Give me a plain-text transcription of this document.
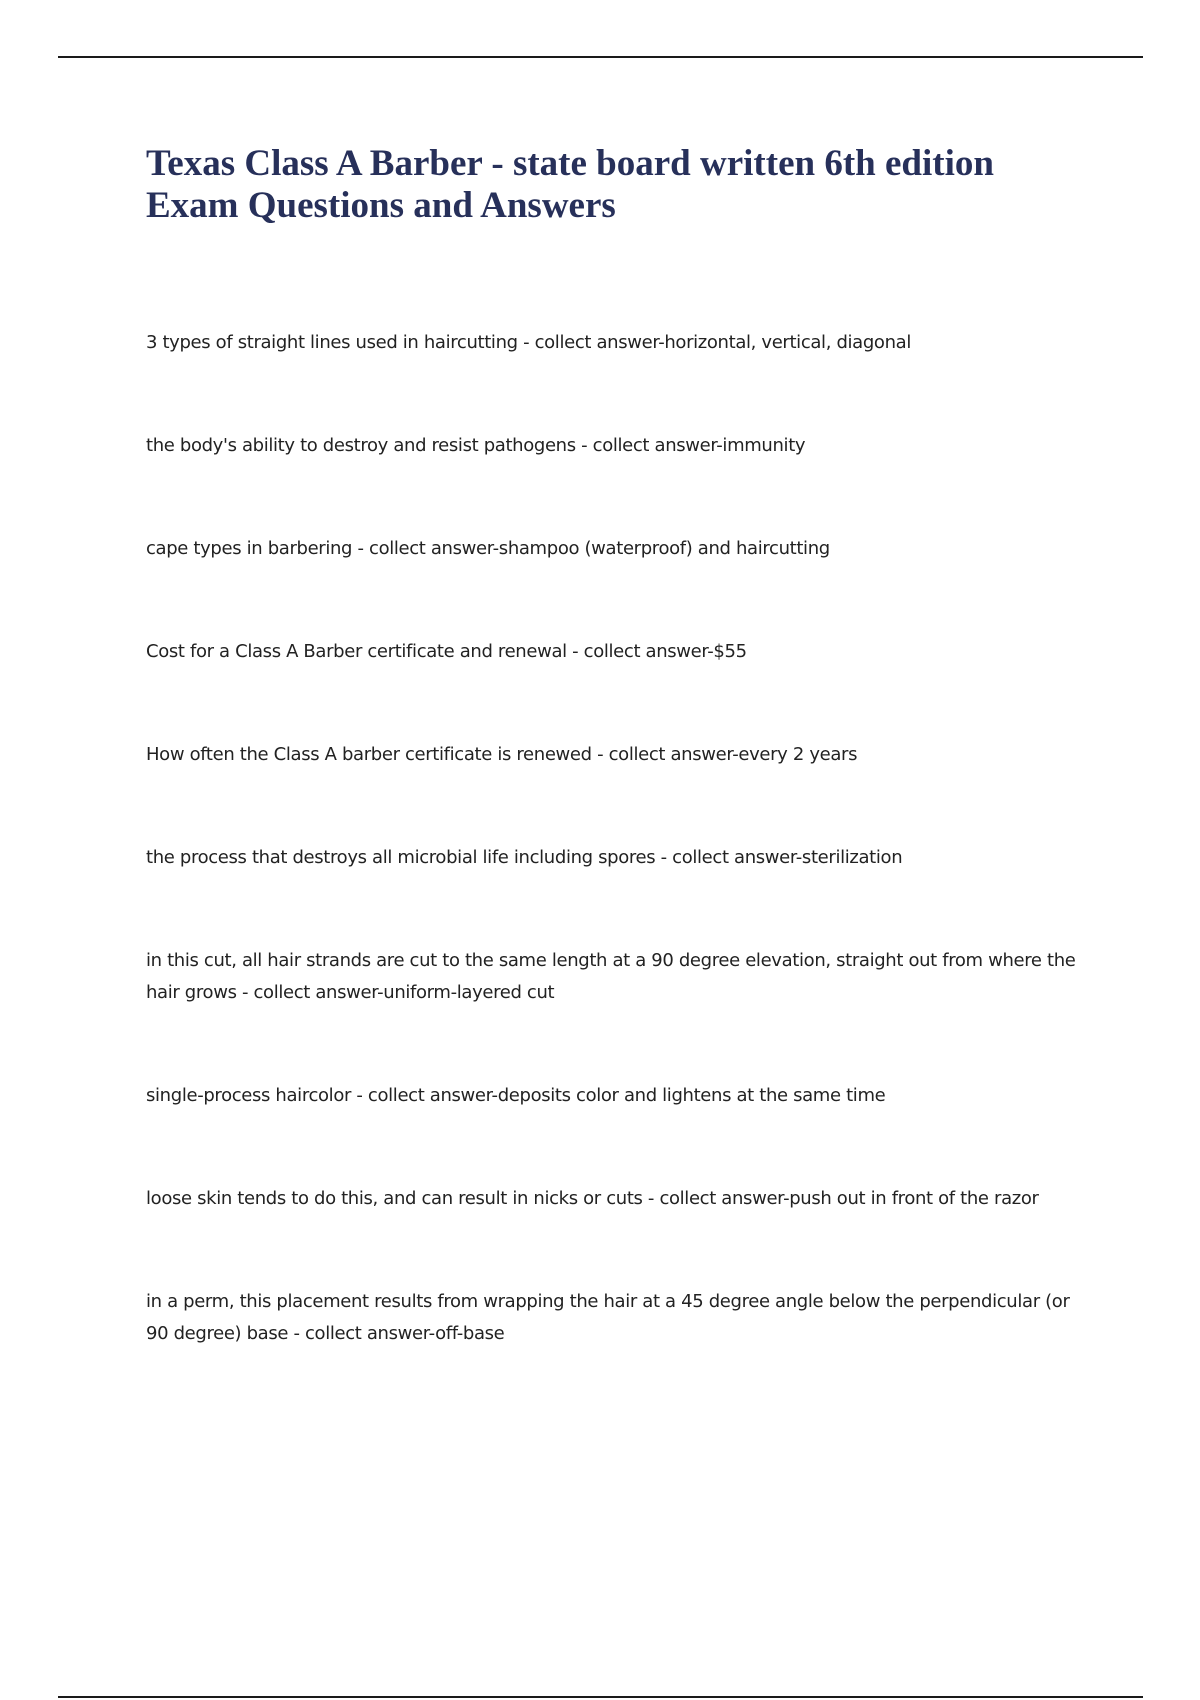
Texas Class A Barber - state board written 6th edition
Exam Questions and Answers

3 types of straight lines used in haircutting - collect answer-horizontal, vertical, diagonal

the body's ability to destroy and resist pathogens - collect answer-immunity

cape types in barbering - collect answer-shampoo (waterproof) and haircutting

Cost for a Class A Barber certificate and renewal - collect answer-$55

How often the Class A barber certificate is renewed - collect answer-every 2 years

the process that destroys all microbial life including spores - collect answer-sterilization

in this cut, all hair strands are cut to the same length at a 90 degree elevation, straight out from where the hair grows - collect answer-uniform-layered cut

single-process haircolor - collect answer-deposits color and lightens at the same time

loose skin tends to do this, and can result in nicks or cuts - collect answer-push out in front of the razor

in a perm, this placement results from wrapping the hair at a 45 degree angle below the perpendicular (or 90 degree) base - collect answer-off-base
